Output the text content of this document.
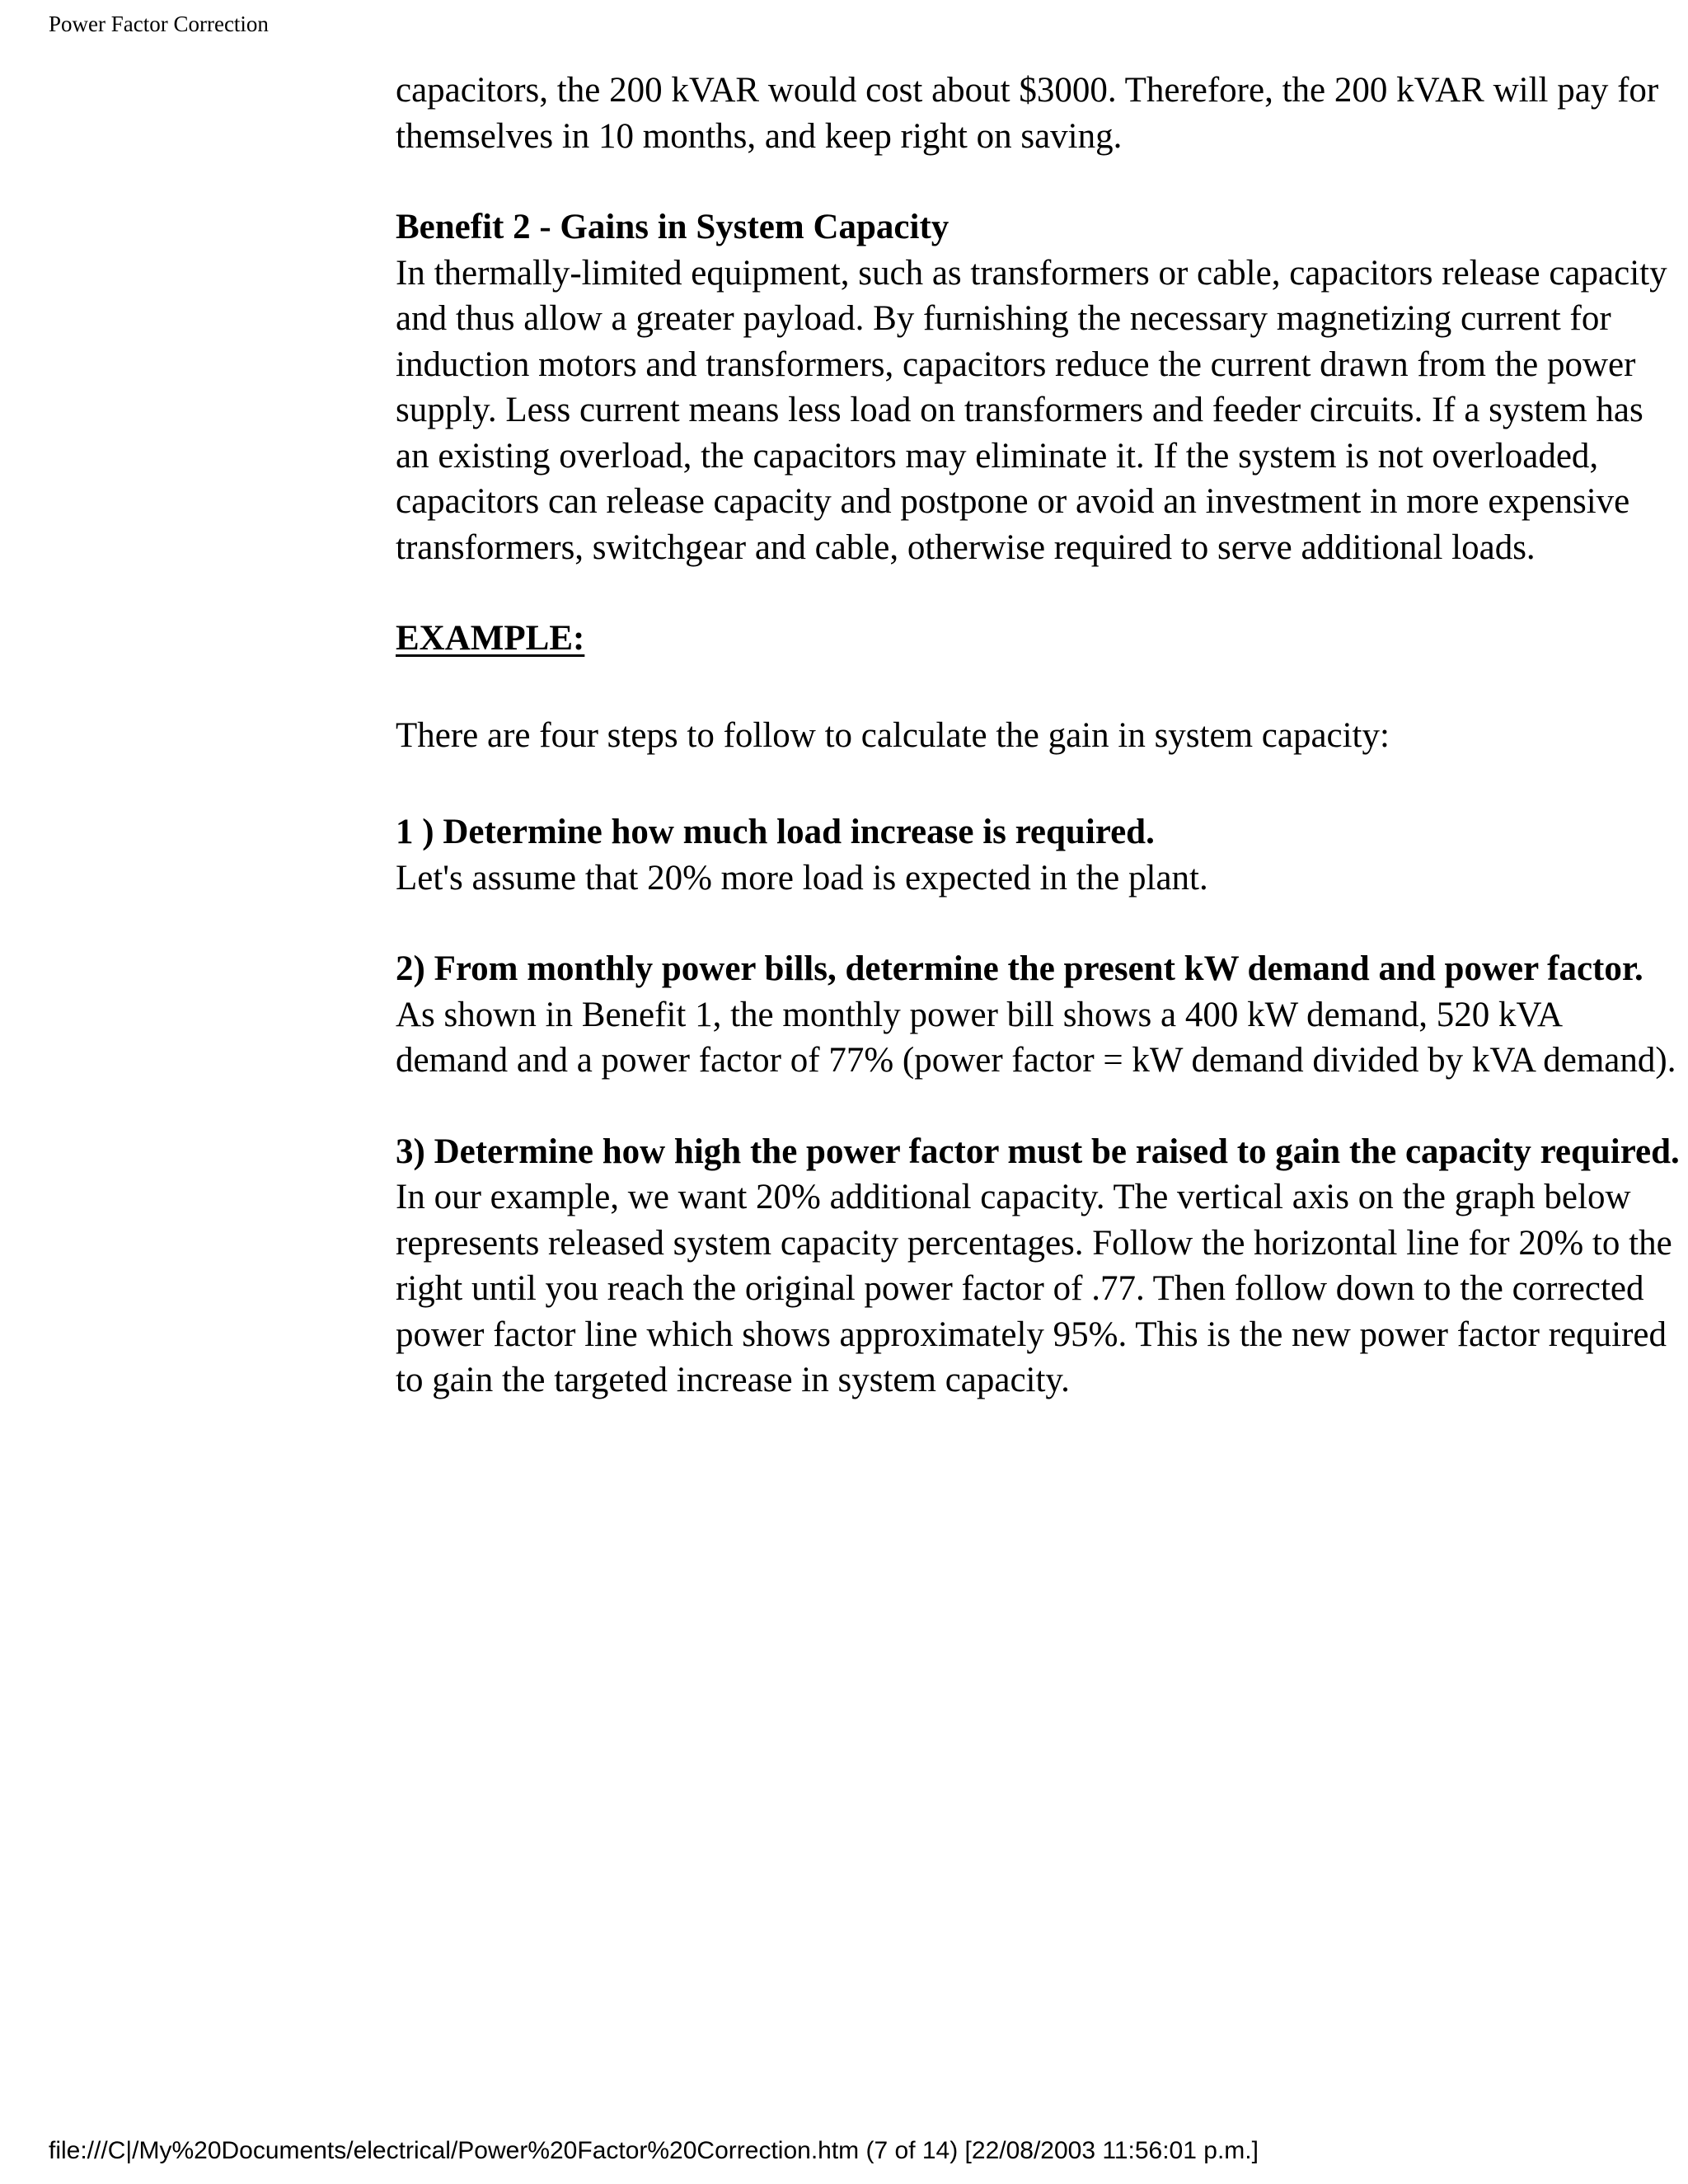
Power Factor Correction

capacitors, the 200 kVAR would cost about $3000. Therefore, the 200 kVAR will pay for themselves in 10 months, and keep right on saving.

Benefit 2 - Gains in System Capacity

In thermally-limited equipment, such as transformers or cable, capacitors release capacity and thus allow a greater payload. By furnishing the necessary magnetizing current for induction motors and transformers, capacitors reduce the current drawn from the power supply. Less current means less load on transformers and feeder circuits. If a system has an existing overload, the capacitors may eliminate it. If the system is not overloaded, capacitors can release capacity and postpone or avoid an investment in more expensive transformers, switchgear and cable, otherwise required to serve additional loads.

EXAMPLE:

There are four steps to follow to calculate the gain in system capacity:

1 ) Determine how much load increase is required.

Let's assume that 20% more load is expected in the plant.

2) From monthly power bills, determine the present kW demand and power factor.

As shown in Benefit 1, the monthly power bill shows a 400 kW demand, 520 kVA demand and a power factor of 77% (power factor = kW demand divided by kVA demand).

3) Determine how high the power factor must be raised to gain the capacity required.

In our example, we want 20% additional capacity. The vertical axis on the graph below represents released system capacity percentages. Follow the horizontal line for 20% to the right until you reach the original power factor of .77. Then follow down to the corrected power factor line which shows approximately 95%. This is the new power factor required to gain the targeted increase in system capacity.

file:///C|/My%20Documents/electrical/Power%20Factor%20Correction.htm (7 of 14) [22/08/2003 11:56:01 p.m.]
